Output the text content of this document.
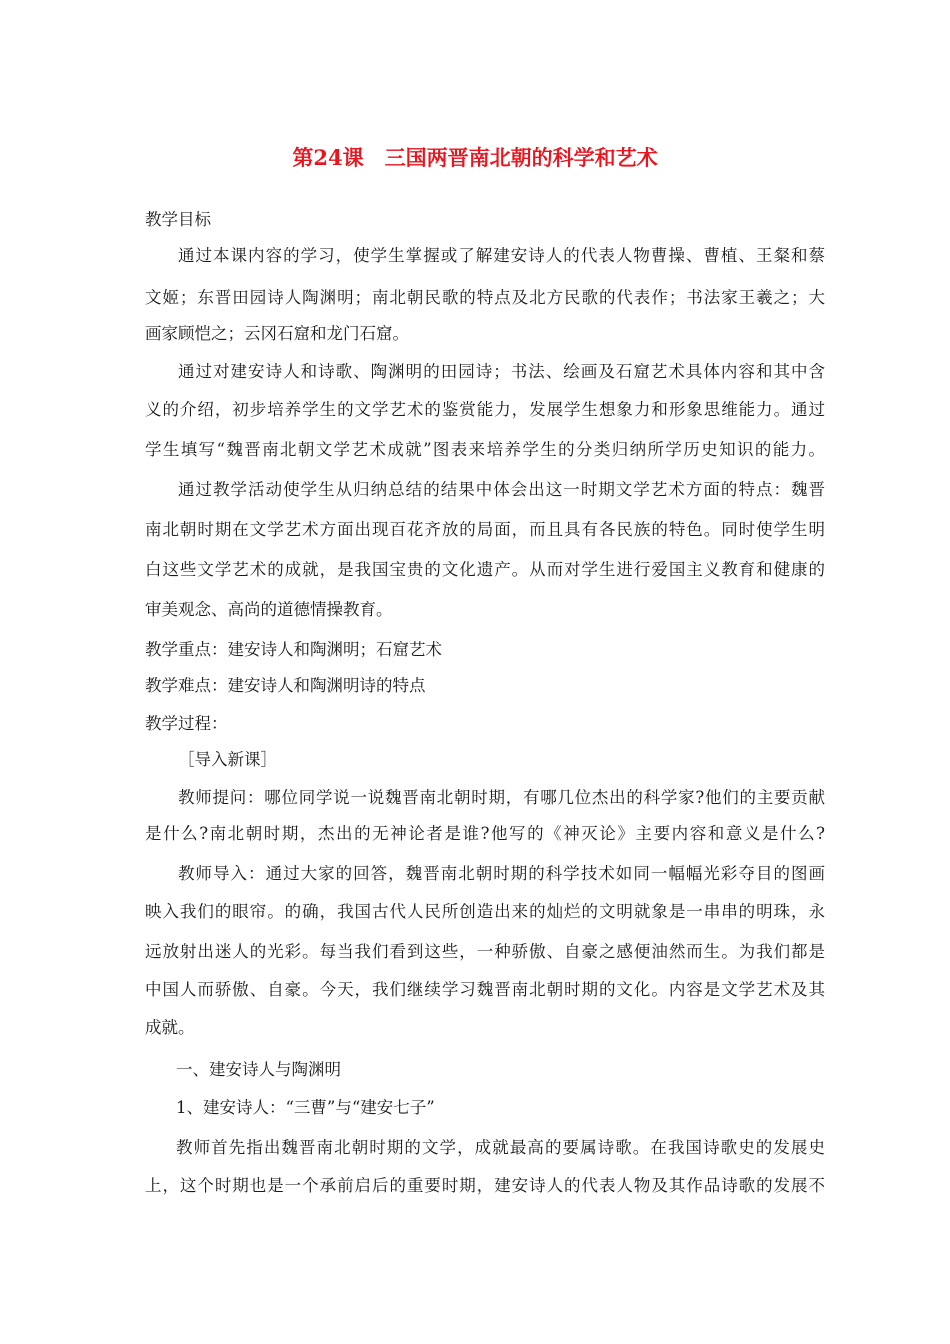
第24课　三国两晋南北朝的科学和艺术
教学目标
通过本课内容的学习，使学生掌握或了解建安诗人的代表人物曹操、曹植、王粲和蔡
文姬；东晋田园诗人陶渊明；南北朝民歌的特点及北方民歌的代表作；书法家王羲之；大
画家顾恺之；云冈石窟和龙门石窟。
通过对建安诗人和诗歌、陶渊明的田园诗；书法、绘画及石窟艺术具体内容和其中含
义的介绍，初步培养学生的文学艺术的鉴赏能力，发展学生想象力和形象思维能力。通过
学生填写“魏晋南北朝文学艺术成就”图表来培养学生的分类归纳所学历史知识的能力。
通过教学活动使学生从归纳总结的结果中体会出这一时期文学艺术方面的特点：魏晋
南北朝时期在文学艺术方面出现百花齐放的局面，而且具有各民族的特色。同时使学生明
白这些文学艺术的成就，是我国宝贵的文化遗产。从而对学生进行爱国主义教育和健康的
审美观念、高尚的道德情操教育。
教学重点：建安诗人和陶渊明；石窟艺术
教学难点：建安诗人和陶渊明诗的特点
教学过程：
［导入新课］
教师提问：哪位同学说一说魏晋南北朝时期，有哪几位杰出的科学家?他们的主要贡献
是什么?南北朝时期，杰出的无神论者是谁?他写的《神灭论》主要内容和意义是什么?
教师导入：通过大家的回答，魏晋南北朝时期的科学技术如同一幅幅光彩夺目的图画
映入我们的眼帘。的确，我国古代人民所创造出来的灿烂的文明就象是一串串的明珠，永
远放射出迷人的光彩。每当我们看到这些，一种骄傲、自豪之感便油然而生。为我们都是
中国人而骄傲、自豪。今天，我们继续学习魏晋南北朝时期的文化。内容是文学艺术及其
成就。
一、建安诗人与陶渊明
1、建安诗人：“三曹”与“建安七子”
教师首先指出魏晋南北朝时期的文学，成就最高的要属诗歌。在我国诗歌史的发展史
上，这个时期也是一个承前启后的重要时期，建安诗人的代表人物及其作品诗歌的发展不
